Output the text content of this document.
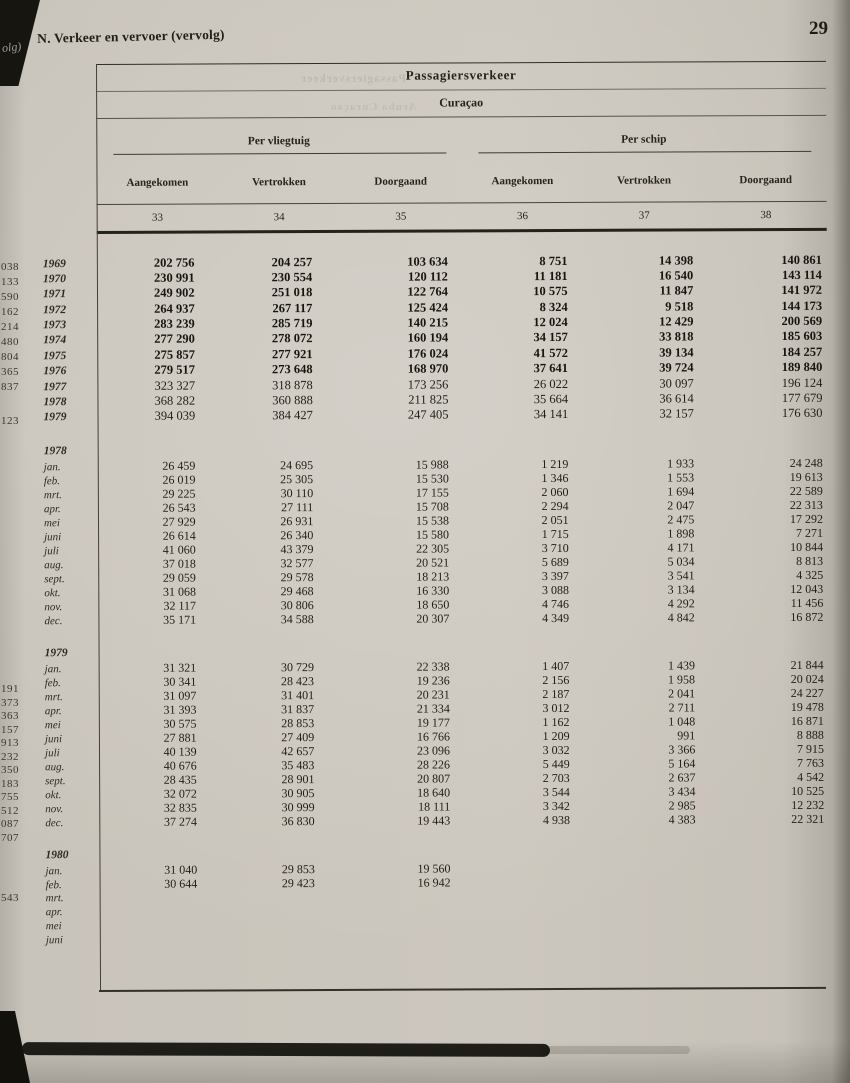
olg)
Passagiersverkeer
Aruba Curaçao
N. Verkeer en vervoer (vervolg)	29
038
133
590
162
214
480
804
365
837
123
191
373
363
157
913
232
350
183
755
512
087
707
543
Passagiersverkeer
Curaçao
Per vliegtuig	Per schip
Aangekomen	Vertrokken	Doorgaand	Aangekomen	Vertrokken	Doorgaand
33	34	35	36	37	38
1969	202 756	204 257	103 634	8 751	14 398	140 861
1970	230 991	230 554	120 112	11 181	16 540	143 114
1971	249 902	251 018	122 764	10 575	11 847	141 972
1972	264 937	267 117	125 424	8 324	9 518	144 173
1973	283 239	285 719	140 215	12 024	12 429	200 569
1974	277 290	278 072	160 194	34 157	33 818	185 603
1975	275 857	277 921	176 024	41 572	39 134	184 257
1976	279 517	273 648	168 970	37 641	39 724	189 840
1977	323 327	318 878	173 256	26 022	30 097	196 124
1978	368 282	360 888	211 825	35 664	36 614	177 679
1979	394 039	384 427	247 405	34 141	32 157	176 630
1978
jan.	26 459	24 695	15 988	1 219	1 933	24 248
feb.	26 019	25 305	15 530	1 346	1 553	19 613
mrt.	29 225	30 110	17 155	2 060	1 694	22 589
apr.	26 543	27 111	15 708	2 294	2 047	22 313
mei	27 929	26 931	15 538	2 051	2 475	17 292
juni	26 614	26 340	15 580	1 715	1 898	7 271
juli	41 060	43 379	22 305	3 710	4 171	10 844
aug.	37 018	32 577	20 521	5 689	5 034	8 813
sept.	29 059	29 578	18 213	3 397	3 541	4 325
okt.	31 068	29 468	16 330	3 088	3 134	12 043
nov.	32 117	30 806	18 650	4 746	4 292	11 456
dec.	35 171	34 588	20 307	4 349	4 842	16 872
1979
jan.	31 321	30 729	22 338	1 407	1 439	21 844
feb.	30 341	28 423	19 236	2 156	1 958	20 024
mrt.	31 097	31 401	20 231	2 187	2 041	24 227
apr.	31 393	31 837	21 334	3 012	2 711	19 478
mei	30 575	28 853	19 177	1 162	1 048	16 871
juni	27 881	27 409	16 766	1 209	991	8 888
juli	40 139	42 657	23 096	3 032	3 366	7 915
aug.	40 676	35 483	28 226	5 449	5 164	7 763
sept.	28 435	28 901	20 807	2 703	2 637	4 542
okt.	32 072	30 905	18 640	3 544	3 434	10 525
nov.	32 835	30 999	18 111	3 342	2 985	12 232
dec.	37 274	36 830	19 443	4 938	4 383	22 321
1980
jan.	31 040	29 853	19 560
feb.	30 644	29 423	16 942
mrt.
apr.
mei
juni
